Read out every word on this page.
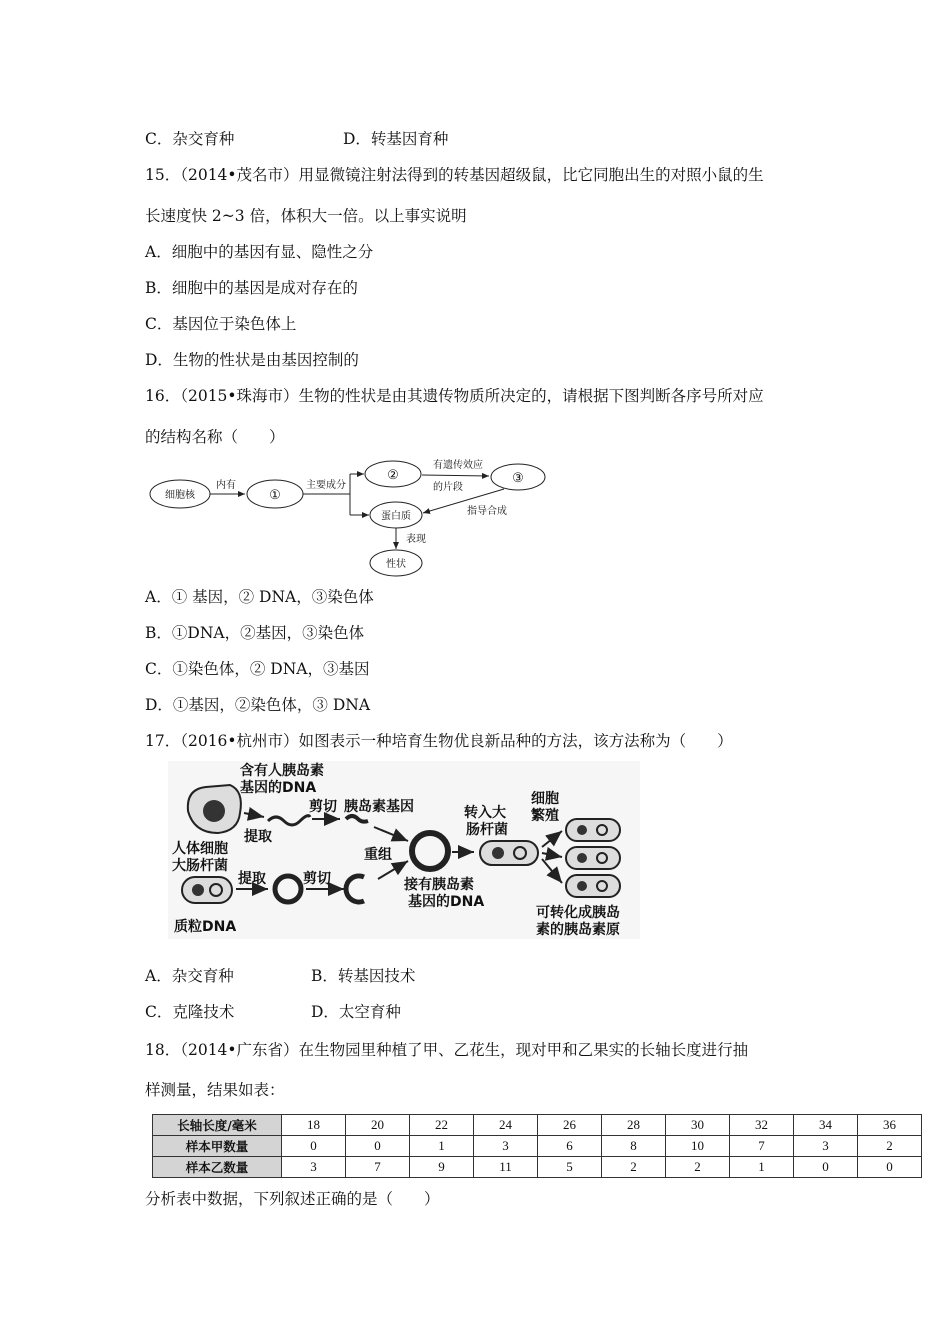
C．杂交育种	D．转基因育种
15．（2014•茂名市）用显微镜注射法得到的转基因超级鼠，比它同胞出生的对照小鼠的生
长速度快 2~3 倍，体积大一倍。以上事实说明
A．细胞中的基因有显、隐性之分
B．细胞中的基因是成对存在的
C．基因位于染色体上
D．生物的性状是由基因控制的
16．（2015•珠海市）生物的性状是由其遗传物质所决定的，请根据下图判断各序号所对应
的结构名称（　　）
细胞核
内有
①
主要成分
②
有遗传效应
的片段
③
指导合成
蛋白质
表现
性状
A．① 基因，② DNA，③染色体
B．①DNA，②基因，③染色体
C．①染色体，② DNA，③基因
D．①基因，②染色体，③ DNA
17．（2016•杭州市）如图表示一种培育生物优良新品种的方法，该方法称为（　　）
含有人胰岛素
基因的DNA
剪切 胰岛素基因
提取
人体细胞
大肠杆菌
重组
转入大
肠杆菌
细胞
繁殖
提取	剪切
质粒DNA
接有胰岛素
基因的DNA
可转化成胰岛
素的胰岛素原
A．杂交育种	B．转基因技术
C．克隆技术	D．太空育种
18．（2014•广东省）在生物园里种植了甲、乙花生，现对甲和乙果实的长轴长度进行抽
样测量，结果如表：
长轴长度/毫米	18	20	22	24	26	28	30	32	34	36
样本甲数量	0	0	1	3	6	8	10	7	3	2
样本乙数量	3	7	9	11	5	2	2	1	0	0
分析表中数据，下列叙述正确的是（　　）
